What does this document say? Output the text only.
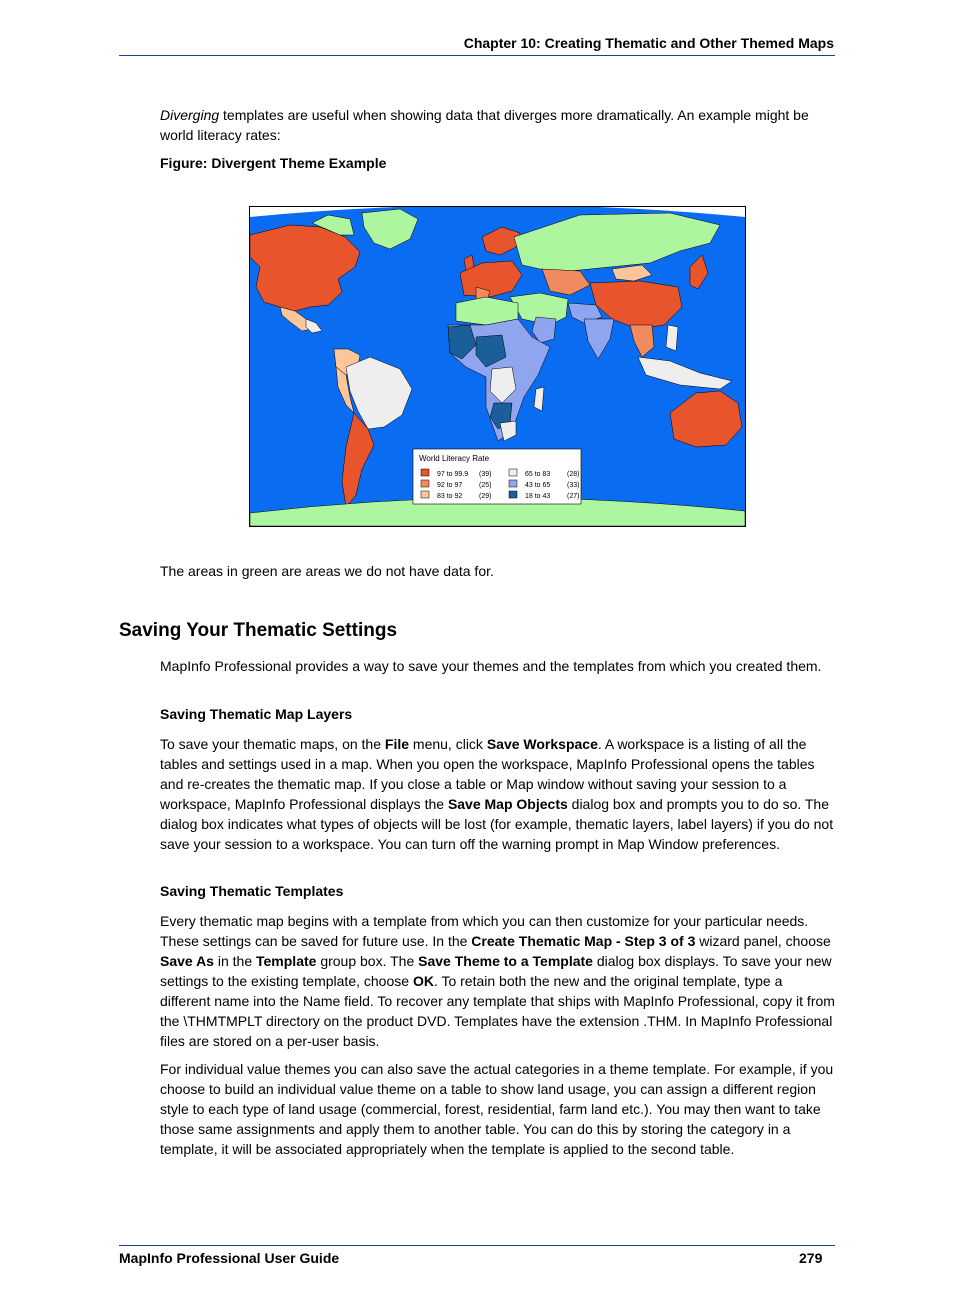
Chapter 10: Creating Thematic and Other Themed Maps

Diverging templates are useful when showing data that diverges more dramatically. An example might be world literacy rates:

Figure: Divergent Theme Example
World Literacy Rate
97 to 99.9 (39)
92 to 97 (25)
83 to 92 (29)
65 to 83 (28)
43 to 65 (33)
18 to 43 (27)

The areas in green are areas we do not have data for.

Saving Your Thematic Settings

MapInfo Professional provides a way to save your themes and the templates from which you created them.

Saving Thematic Map Layers

To save your thematic maps, on the File menu, click Save Workspace. A workspace is a listing of all the tables and settings used in a map. When you open the workspace, MapInfo Professional opens the tables and re-creates the thematic map. If you close a table or Map window without saving your session to a workspace, MapInfo Professional displays the Save Map Objects dialog box and prompts you to do so. The dialog box indicates what types of objects will be lost (for example, thematic layers, label layers) if you do not save your session to a workspace. You can turn off the warning prompt in Map Window preferences.

Saving Thematic Templates

Every thematic map begins with a template from which you can then customize for your particular needs. These settings can be saved for future use. In the Create Thematic Map - Step 3 of 3 wizard panel, choose Save As in the Template group box. The Save Theme to a Template dialog box displays. To save your new settings to the existing template, choose OK. To retain both the new and the original template, type a different name into the Name field. To recover any template that ships with MapInfo Professional, copy it from the \THMTMPLT directory on the product DVD. Templates have the extension .THM. In MapInfo Professional files are stored on a per-user basis.

For individual value themes you can also save the actual categories in a theme template. For example, if you choose to build an individual value theme on a table to show land usage, you can assign a different region style to each type of land usage (commercial, forest, residential, farm land etc.). You may then want to take those same assignments and apply them to another table. You can do this by storing the category in a template, it will be associated appropriately when the template is applied to the second table.

MapInfo Professional User Guide	279
